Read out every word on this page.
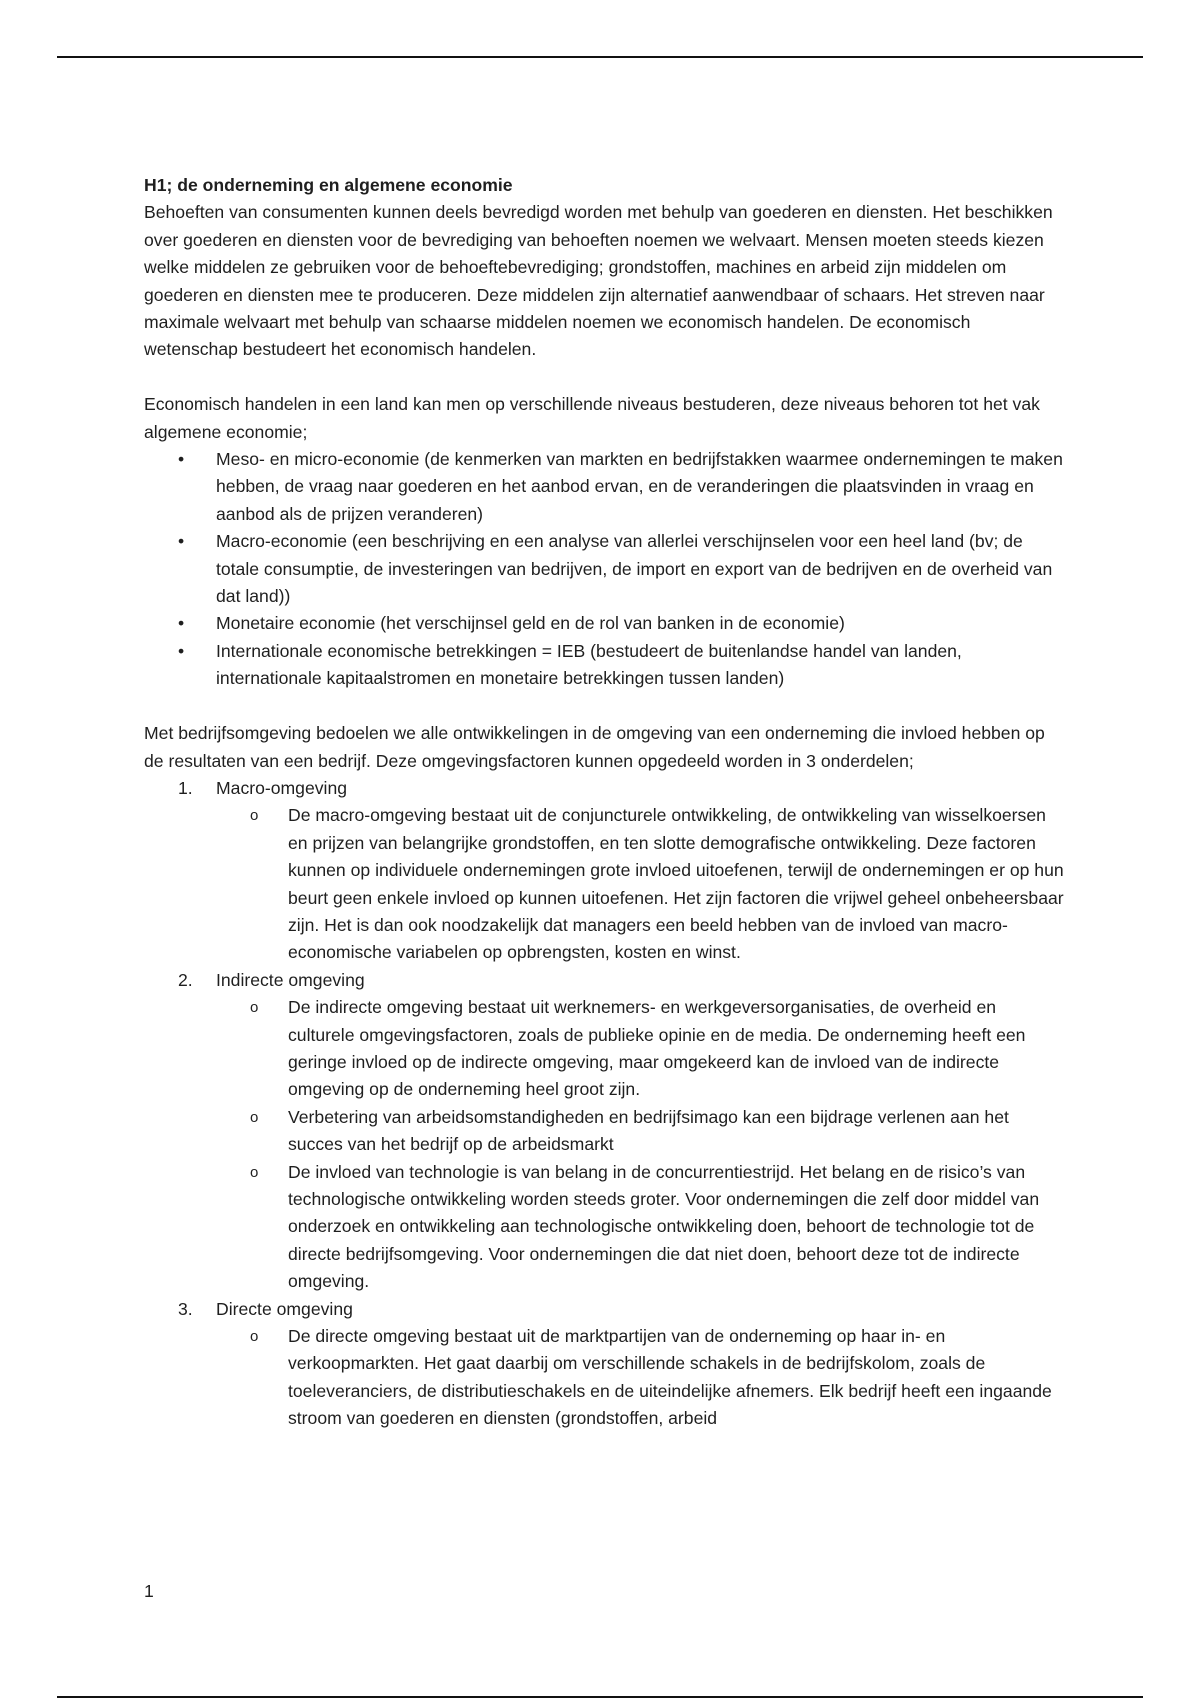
H1; de onderneming en algemene economie

Behoeften van consumenten kunnen deels bevredigd worden met behulp van goederen en diensten. Het beschikken over goederen en diensten voor de bevrediging van behoeften noemen we welvaart. Mensen moeten steeds kiezen welke middelen ze gebruiken voor de behoeftebevrediging; grondstoffen, machines en arbeid zijn middelen om goederen en diensten mee te produceren. Deze middelen zijn alternatief aanwendbaar of schaars. Het streven naar maximale welvaart met behulp van schaarse middelen noemen we economisch handelen. De economisch wetenschap bestudeert het economisch handelen.

Economisch handelen in een land kan men op verschillende niveaus bestuderen, deze niveaus behoren tot het vak algemene economie;

• Meso- en micro-economie (de kenmerken van markten en bedrijfstakken waarmee ondernemingen te maken hebben, de vraag naar goederen en het aanbod ervan, en de veranderingen die plaatsvinden in vraag en aanbod als de prijzen veranderen)
• Macro-economie (een beschrijving en een analyse van allerlei verschijnselen voor een heel land (bv; de totale consumptie, de investeringen van bedrijven, de import en export van de bedrijven en de overheid van dat land))
• Monetaire economie (het verschijnsel geld en de rol van banken in de economie)
• Internationale economische betrekkingen = IEB (bestudeert de buitenlandse handel van landen, internationale kapitaalstromen en monetaire betrekkingen tussen landen)

Met bedrijfsomgeving bedoelen we alle ontwikkelingen in de omgeving van een onderneming die invloed hebben op de resultaten van een bedrijf. Deze omgevingsfactoren kunnen opgedeeld worden in 3 onderdelen;

1. Macro-omgeving
o De macro-omgeving bestaat uit de conjuncturele ontwikkeling, de ontwikkeling van wisselkoersen en prijzen van belangrijke grondstoffen, en ten slotte demografische ontwikkeling. Deze factoren kunnen op individuele ondernemingen grote invloed uitoefenen, terwijl de ondernemingen er op hun beurt geen enkele invloed op kunnen uitoefenen. Het zijn factoren die vrijwel geheel onbeheersbaar zijn. Het is dan ook noodzakelijk dat managers een beeld hebben van de invloed van macro-economische variabelen op opbrengsten, kosten en winst.
2. Indirecte omgeving
o De indirecte omgeving bestaat uit werknemers- en werkgeversorganisaties, de overheid en culturele omgevingsfactoren, zoals de publieke opinie en de media. De onderneming heeft een geringe invloed op de indirecte omgeving, maar omgekeerd kan de invloed van de indirecte omgeving op de onderneming heel groot zijn.
o Verbetering van arbeidsomstandigheden en bedrijfsimago kan een bijdrage verlenen aan het succes van het bedrijf op de arbeidsmarkt
o De invloed van technologie is van belang in de concurrentiestrijd. Het belang en de risico’s van technologische ontwikkeling worden steeds groter. Voor ondernemingen die zelf door middel van onderzoek en ontwikkeling aan technologische ontwikkeling doen, behoort de technologie tot de directe bedrijfsomgeving. Voor ondernemingen die dat niet doen, behoort deze tot de indirecte omgeving.
3. Directe omgeving
o De directe omgeving bestaat uit de marktpartijen van de onderneming op haar in- en verkoopmarkten. Het gaat daarbij om verschillende schakels in de bedrijfskolom, zoals de toeleveranciers, de distributieschakels en de uiteindelijke afnemers. Elk bedrijf heeft een ingaande stroom van goederen en diensten (grondstoffen, arbeid
1
